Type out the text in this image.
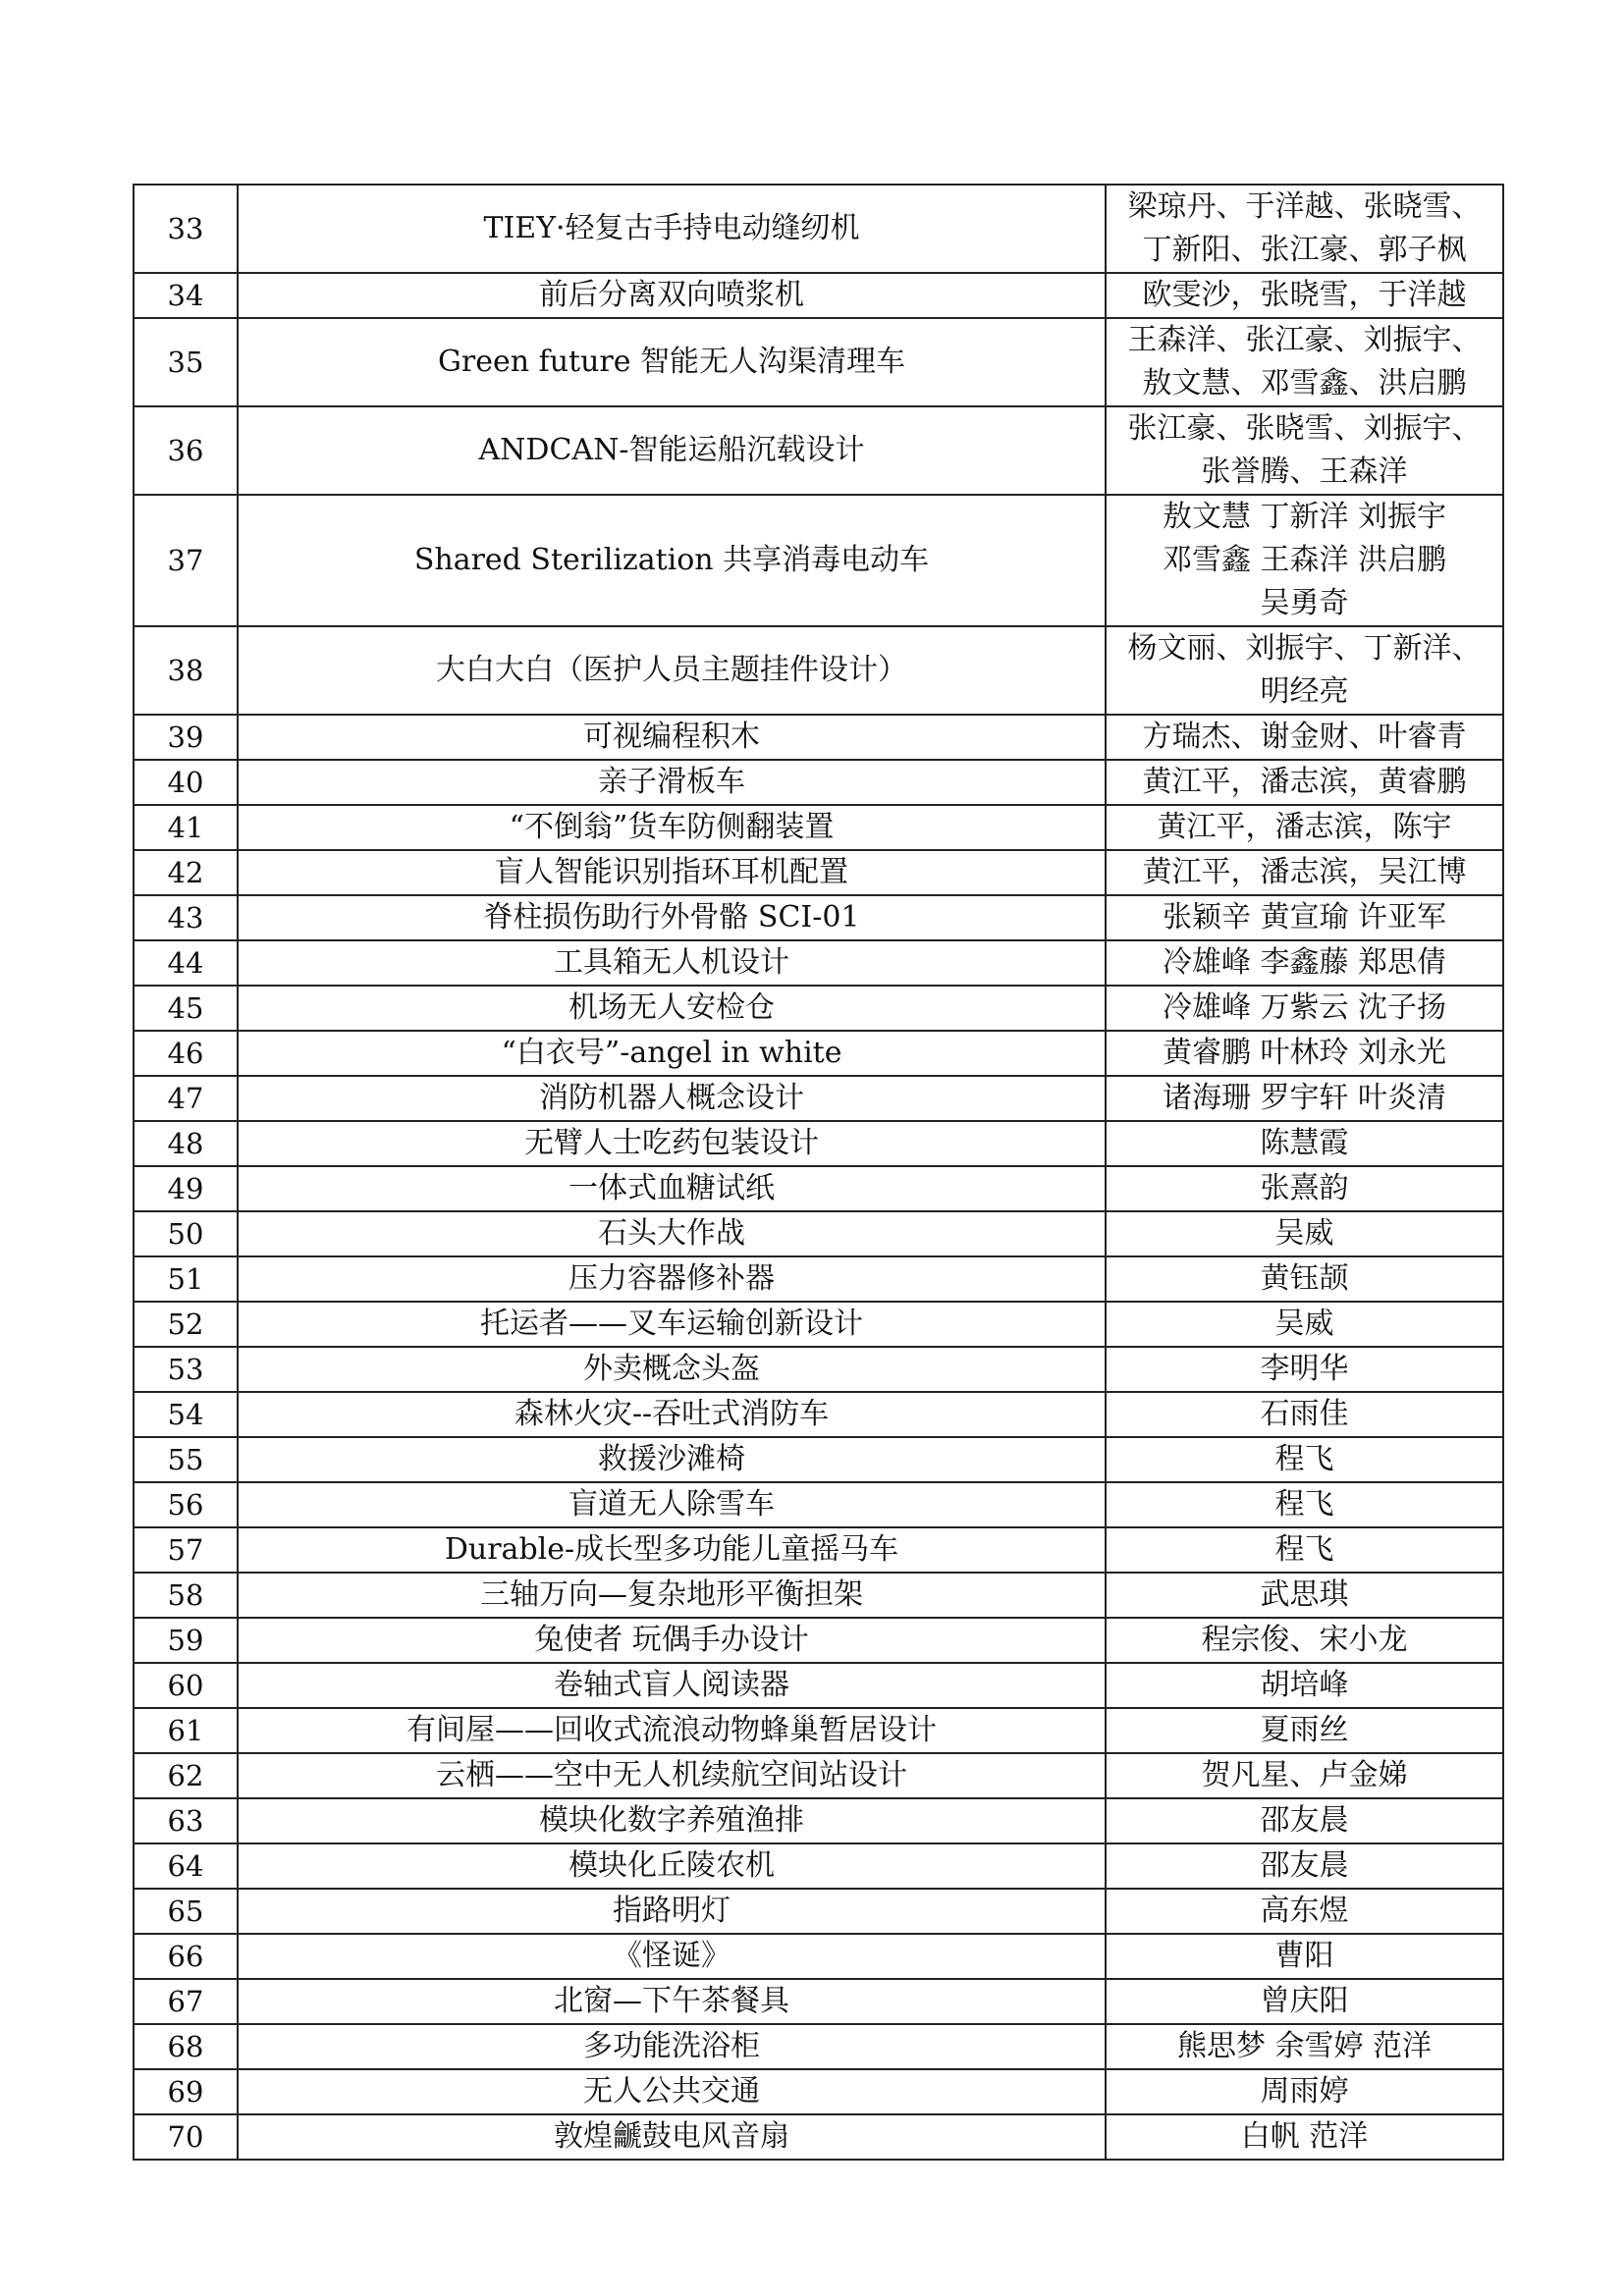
33	TIEY·轻复古手持电动缝纫机	梁琼丹、于洋越、张晓雪、
丁新阳、张江豪、郭子枫
34	前后分离双向喷浆机	欧雯沙，张晓雪，于洋越
35	Green future 智能无人沟渠清理车	王森洋、张江豪、刘振宇、
敖文慧、邓雪鑫、洪启鹏
36	ANDCAN-智能运船沉载设计	张江豪、张晓雪、刘振宇、
张誉腾、王森洋
37	Shared Sterilization 共享消毒电动车	敖文慧 丁新洋 刘振宇
邓雪鑫 王森洋 洪启鹏
吴勇奇
38	大白大白（医护人员主题挂件设计）	杨文丽、刘振宇、丁新洋、
明经亮
39	可视编程积木	方瑞杰、谢金财、叶睿青
40	亲子滑板车	黄江平，潘志滨，黄睿鹏
41	“不倒翁”货车防侧翻装置	黄江平，潘志滨，陈宇
42	盲人智能识别指环耳机配置	黄江平，潘志滨，吴江博
43	脊柱损伤助行外骨骼 SCI-01	张颖辛 黄宣瑜 许亚军
44	工具箱无人机设计	冷雄峰 李鑫藤 郑思倩
45	机场无人安检仓	冷雄峰 万紫云 沈子扬
46	“白衣号”-angel in white	黄睿鹏 叶林玲 刘永光
47	消防机器人概念设计	诸海珊 罗宇轩 叶炎清
48	无臂人士吃药包装设计	陈慧霞
49	一体式血糖试纸	张熹韵
50	石头大作战	吴威
51	压力容器修补器	黄钰颉
52	托运者——叉车运输创新设计	吴威
53	外卖概念头盔	李明华
54	森林火灾--吞吐式消防车	石雨佳
55	救援沙滩椅	程飞
56	盲道无人除雪车	程飞
57	Durable-成长型多功能儿童摇马车	程飞
58	三轴万向—复杂地形平衡担架	武思琪
59	兔使者 玩偶手办设计	程宗俊、宋小龙
60	卷轴式盲人阅读器	胡培峰
61	有间屋——回收式流浪动物蜂巢暂居设计	夏雨丝
62	云栖——空中无人机续航空间站设计	贺凡星、卢金娣
63	模块化数字养殖渔排	邵友晨
64	模块化丘陵农机	邵友晨
65	指路明灯	高东煜
66	《怪诞》	曹阳
67	北窗—下午茶餐具	曾庆阳
68	多功能洗浴柜	熊思梦 余雪婷 范洋
69	无人公共交通	周雨婷
70	敦煌䶵鼓电风音扇	白帆 范洋
